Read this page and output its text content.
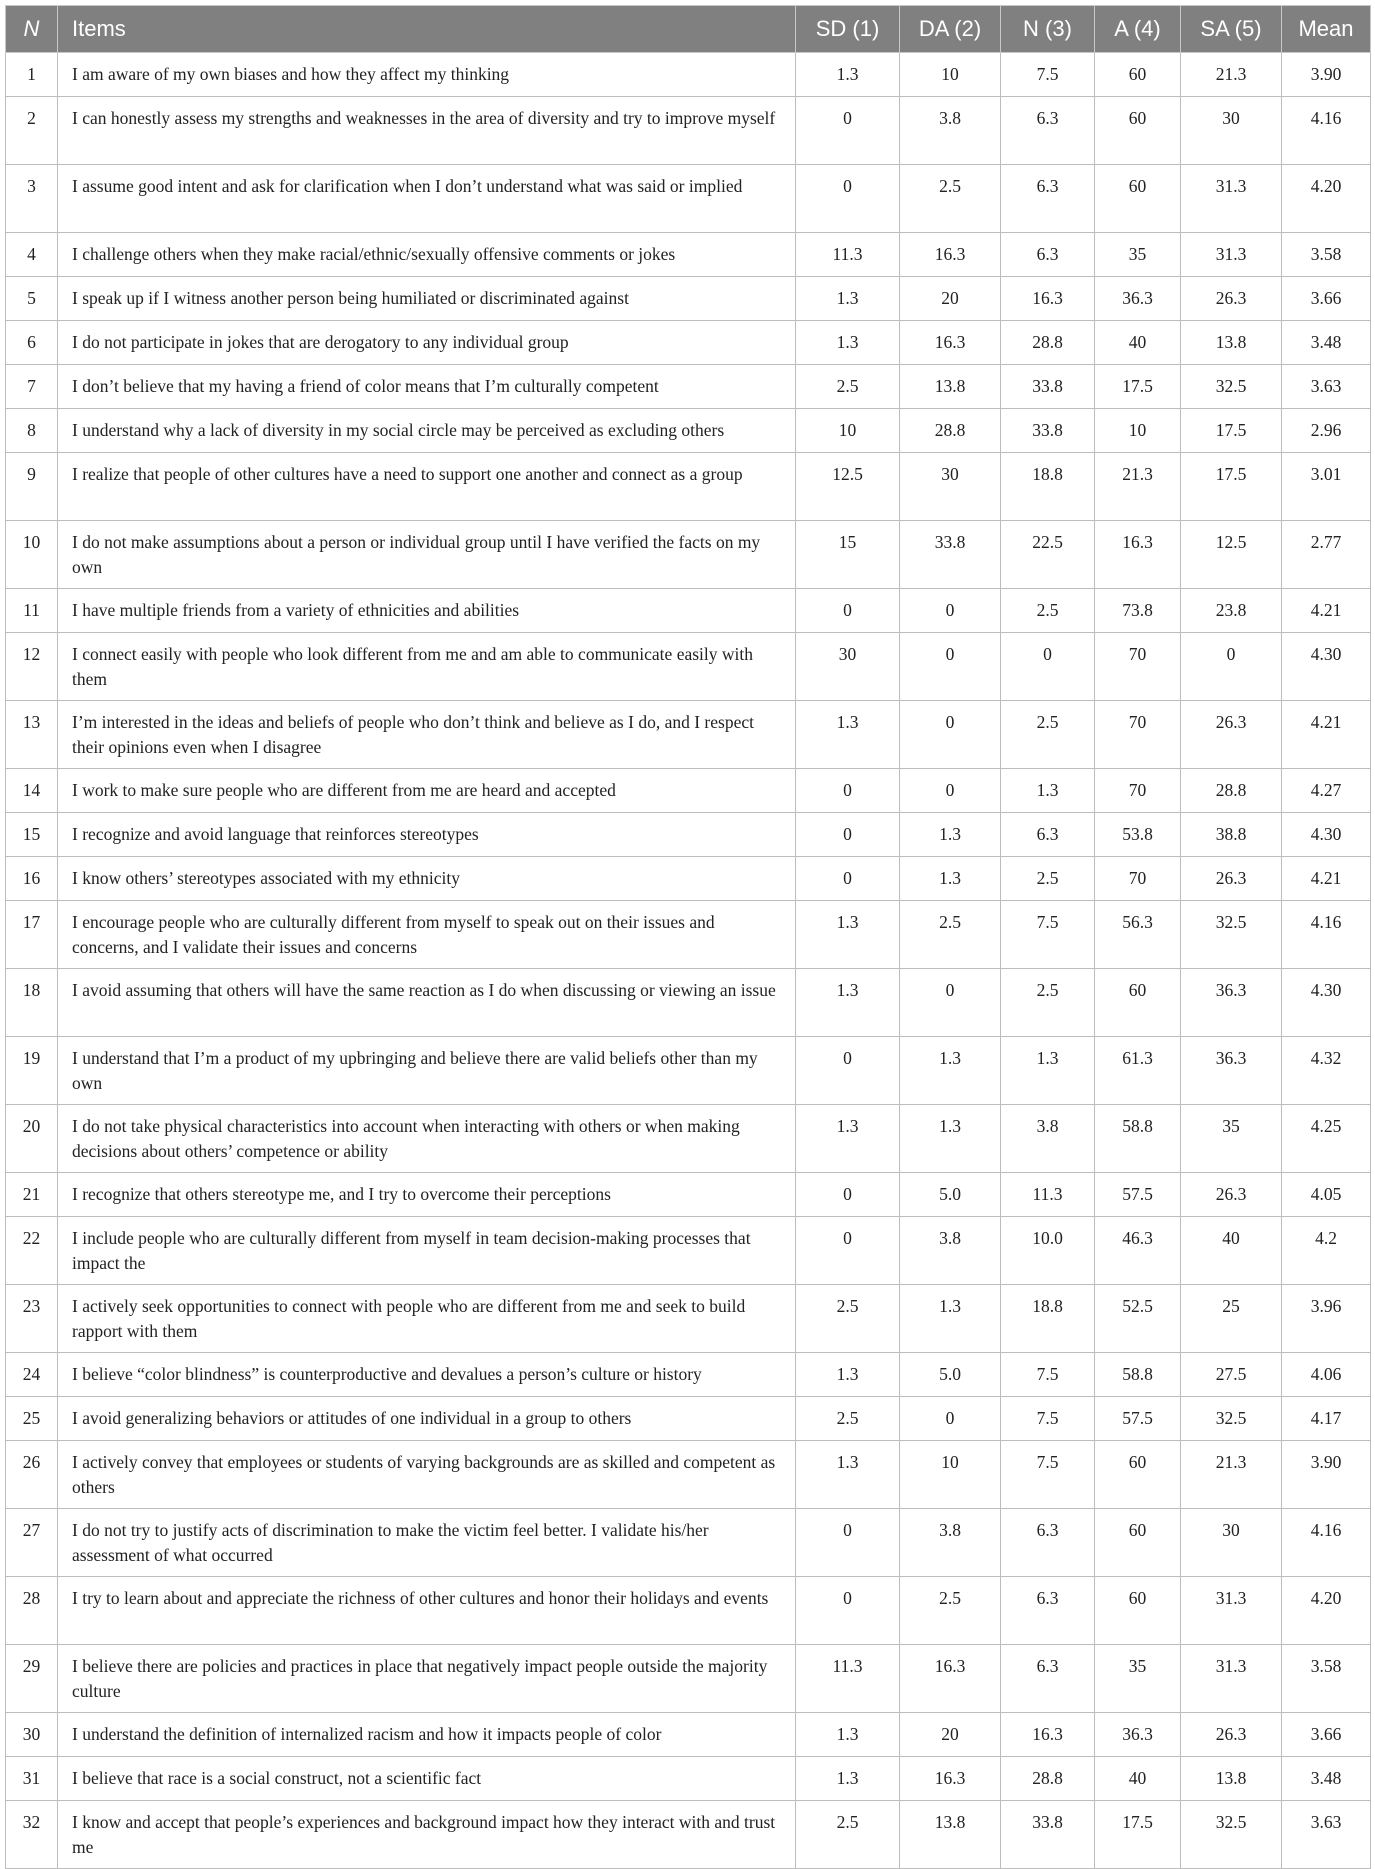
N	Items	SD (1)	DA (2)	N (3)	A (4)	SA (5)	Mean
1	I am aware of my own biases and how they affect my thinking	1.3	10	7.5	60	21.3	3.90
2	I can honestly assess my strengths and weaknesses in the area of diversity and try to improve myself	0	3.8	6.3	60	30	4.16
3	I assume good intent and ask for clarification when I don’t understand what was said or implied	0	2.5	6.3	60	31.3	4.20
4	I challenge others when they make racial/ethnic/sexually offensive comments or jokes	11.3	16.3	6.3	35	31.3	3.58
5	I speak up if I witness another person being humiliated or discriminated against	1.3	20	16.3	36.3	26.3	3.66
6	I do not participate in jokes that are derogatory to any individual group	1.3	16.3	28.8	40	13.8	3.48
7	I don’t believe that my having a friend of color means that I’m culturally competent	2.5	13.8	33.8	17.5	32.5	3.63
8	I understand why a lack of diversity in my social circle may be perceived as excluding others	10	28.8	33.8	10	17.5	2.96
9	I realize that people of other cultures have a need to support one another and connect as a group	12.5	30	18.8	21.3	17.5	3.01
10	I do not make assumptions about a person or individual group until I have verified the facts on my own	15	33.8	22.5	16.3	12.5	2.77
11	I have multiple friends from a variety of ethnicities and abilities	0	0	2.5	73.8	23.8	4.21
12	I connect easily with people who look different from me and am able to communicate easily with them	30	0	0	70	0	4.30
13	I’m interested in the ideas and beliefs of people who don’t think and believe as I do, and I respect their opinions even when I disagree	1.3	0	2.5	70	26.3	4.21
14	I work to make sure people who are different from me are heard and accepted	0	0	1.3	70	28.8	4.27
15	I recognize and avoid language that reinforces stereotypes	0	1.3	6.3	53.8	38.8	4.30
16	I know others’ stereotypes associated with my ethnicity	0	1.3	2.5	70	26.3	4.21
17	I encourage people who are culturally different from myself to speak out on their issues and concerns, and I validate their issues and concerns	1.3	2.5	7.5	56.3	32.5	4.16
18	I avoid assuming that others will have the same reaction as I do when discussing or viewing an issue	1.3	0	2.5	60	36.3	4.30
19	I understand that I’m a product of my upbringing and believe there are valid beliefs other than my own	0	1.3	1.3	61.3	36.3	4.32
20	I do not take physical characteristics into account when interacting with others or when making decisions about others’ competence or ability	1.3	1.3	3.8	58.8	35	4.25
21	I recognize that others stereotype me, and I try to overcome their perceptions	0	5.0	11.3	57.5	26.3	4.05
22	I include people who are culturally different from myself in team decision-making processes that impact the	0	3.8	10.0	46.3	40	4.2
23	I actively seek opportunities to connect with people who are different from me and seek to build rapport with them	2.5	1.3	18.8	52.5	25	3.96
24	I believe “color blindness” is counterproductive and devalues a person’s culture or history	1.3	5.0	7.5	58.8	27.5	4.06
25	I avoid generalizing behaviors or attitudes of one individual in a group to others	2.5	0	7.5	57.5	32.5	4.17
26	I actively convey that employees or students of varying backgrounds are as skilled and competent as others	1.3	10	7.5	60	21.3	3.90
27	I do not try to justify acts of discrimination to make the victim feel better. I validate his/her assessment of what occurred	0	3.8	6.3	60	30	4.16
28	I try to learn about and appreciate the richness of other cultures and honor their holidays and events	0	2.5	6.3	60	31.3	4.20
29	I believe there are policies and practices in place that negatively impact people outside the majority culture	11.3	16.3	6.3	35	31.3	3.58
30	I understand the definition of internalized racism and how it impacts people of color	1.3	20	16.3	36.3	26.3	3.66
31	I believe that race is a social construct, not a scientific fact	1.3	16.3	28.8	40	13.8	3.48
32	I know and accept that people’s experiences and background impact how they interact with and trust me	2.5	13.8	33.8	17.5	32.5	3.63
